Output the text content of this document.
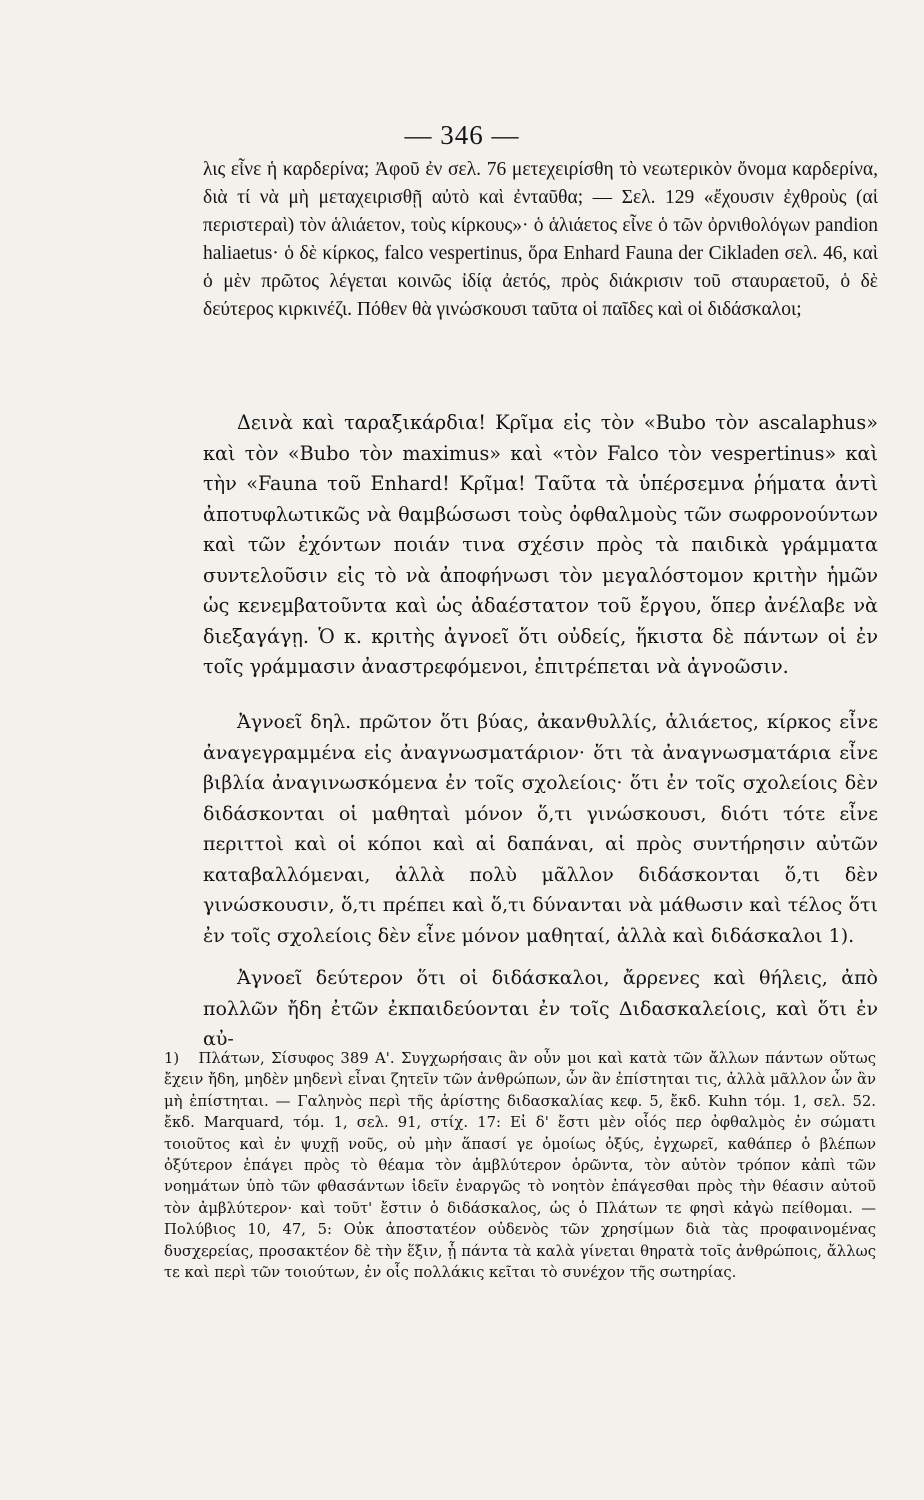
— 346 —
λις εἶνε ἡ καρδερίνα; Ἀφοῦ ἐν σελ. 76 μετεχειρίσθη τὸ νεωτερικὸν ὄνομα καρδερίνα, διὰ τί νὰ μὴ μεταχειρισθῇ αὐτὸ καὶ ἐνταῦθα; — Σελ. 129 «ἔχουσιν ἐχθροὺς (αἱ περιστεραὶ) τὸν ἁλιάετον, τοὺς κίρκους»· ὁ ἁλιάετος εἶνε ὁ τῶν ὀρνιθολόγων pandion haliaetus· ὁ δὲ κίρκος, falco vespertinus, ὅρα Enhard Fauna der Cikladen σελ. 46, καὶ ὁ μὲν πρῶτος λέγεται κοινῶς ἰδίᾳ ἀετός, πρὸς διάκρισιν τοῦ σταυραετοῦ, ὁ δὲ δεύτερος κιρκινέζι. Πόθεν θὰ γινώσκουσι ταῦτα οἱ παῖδες καὶ οἱ διδάσκαλοι;
Δεινὰ καὶ ταραξικάρδια! Κρῖμα εἰς τὸν «Bubo τὸν ascalaphus» καὶ τὸν «Bubo τὸν maximus» καὶ «τὸν Falco τὸν vespertinus» καὶ τὴν «Fauna τοῦ Enhard! Κρῖμα! Ταῦτα τὰ ὑπέρσεμνα ῥήματα ἀντὶ ἀποτυφλωτικῶς νὰ θαμβώσωσι τοὺς ὀφθαλμοὺς τῶν σωφρονούντων καὶ τῶν ἐχόντων ποιάν τινα σχέσιν πρὸς τὰ παιδικὰ γράμματα συντελοῦσιν εἰς τὸ νὰ ἀποφήνωσι τὸν μεγαλόστομον κριτὴν ἡμῶν ὡς κενεμβατοῦντα καὶ ὡς ἀδαέστατον τοῦ ἔργου, ὅπερ ἀνέλαβε νὰ διεξαγάγῃ. Ὁ κ. κριτὴς ἀγνοεῖ ὅτι οὐδείς, ἥκιστα δὲ πάντων οἱ ἐν τοῖς γράμμασιν ἀναστρεφόμενοι, ἐπιτρέπεται νὰ ἀγνοῶσιν.
Ἀγνοεῖ δηλ. πρῶτον ὅτι βύας, ἀκανθυλλίς, ἁλιάετος, κίρκος εἶνε ἀναγεγραμμένα εἰς ἀναγνωσματάριον· ὅτι τὰ ἀναγνωσματάρια εἶνε βιβλία ἀναγινωσκόμενα ἐν τοῖς σχολείοις· ὅτι ἐν τοῖς σχολείοις δὲν διδάσκονται οἱ μαθηταὶ μόνον ὅ,τι γινώσκουσι, διότι τότε εἶνε περιττοὶ καὶ οἱ κόποι καὶ αἱ δαπάναι, αἱ πρὸς συντήρησιν αὐτῶν καταβαλλόμεναι, ἀλλὰ πολὺ μᾶλλον διδάσκονται ὅ,τι δὲν γινώσκουσιν, ὅ,τι πρέπει καὶ ὅ,τι δύνανται νὰ μάθωσιν καὶ τέλος ὅτι ἐν τοῖς σχολείοις δὲν εἶνε μόνον μαθηταί, ἀλλὰ καὶ διδάσκαλοι 1).
Ἀγνοεῖ δεύτερον ὅτι οἱ διδάσκαλοι, ἄρρενες καὶ θήλεις, ἀπὸ πολλῶν ἤδη ἐτῶν ἐκπαιδεύονται ἐν τοῖς Διδασκαλείοις, καὶ ὅτι ἐν αὐ-
1) Πλάτων, Σίσυφος 389 Α'. Συγχωρήσαις ἂν οὖν μοι καὶ κατὰ τῶν ἄλλων πάντων οὕτως ἔχειν ἤδη, μηδὲν μηδενὶ εἶναι ζητεῖν τῶν ἀνθρώπων, ὧν ἂν ἐπίστηται τις, ἀλλὰ μᾶλλον ὧν ἂν μὴ ἐπίστηται. — Γαληνὸς περὶ τῆς ἀρίστης διδασκαλίας κεφ. 5, ἔκδ. Kuhn τόμ. 1, σελ. 52. ἔκδ. Marquard, τόμ. 1, σελ. 91, στίχ. 17: Εἰ δ' ἔστι μὲν οἷός περ ὀφθαλμὸς ἐν σώματι τοιοῦτος καὶ ἐν ψυχῇ νοῦς, οὐ μὴν ἅπασί γε ὁμοίως ὀξύς, ἐγχωρεῖ, καθάπερ ὁ βλέπων ὀξύτερον ἐπάγει πρὸς τὸ θέαμα τὸν ἀμβλύτερον ὁρῶντα, τὸν αὐτὸν τρόπον κἀπὶ τῶν νοημάτων ὑπὸ τῶν φθασάντων ἰδεῖν ἐναργῶς τὸ νοητὸν ἐπάγεσθαι πρὸς τὴν θέασιν αὐτοῦ τὸν ἀμβλύτερον· καὶ τοῦτ' ἔστιν ὁ διδάσκαλος, ὡς ὁ Πλάτων τε φησὶ κἀγὼ πείθομαι. — Πολύβιος 10, 47, 5: Οὐκ ἀποστατέον οὐδενὸς τῶν χρησίμων διὰ τὰς προφαινομένας δυσχερείας, προσακτέον δὲ τὴν ἕξιν, ᾗ πάντα τὰ καλὰ γίνεται θηρατὰ τοῖς ἀνθρώποις, ἄλλως τε καὶ περὶ τῶν τοιούτων, ἐν οἷς πολλάκις κεῖται τὸ συνέχον τῆς σωτηρίας.
